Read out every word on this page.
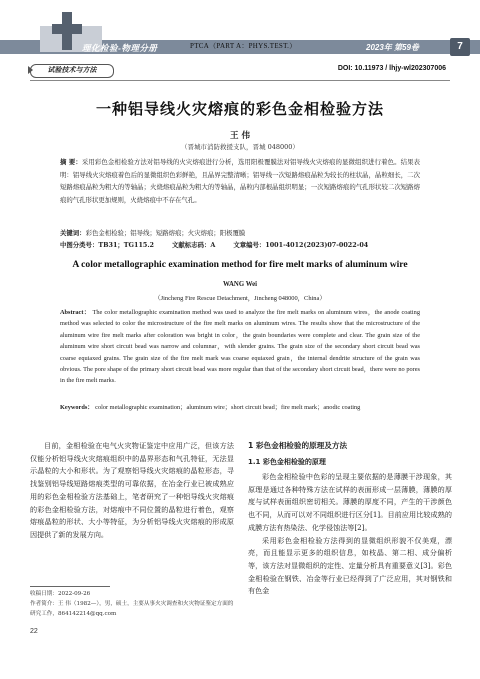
理化检验-物理分册	PTCA（PART A：PHYS.TEST.）	2023年 第59卷	7
试验技术与方法	DOI: 10.11973 / lhjy-wl202307006
一种铝导线火灾熔痕的彩色金相检验方法
王 伟
（晋城市消防救援支队，晋城 048000）
摘 要：采用彩色金相检验方法对铝导线的火灾熔痕进行分析，选用阳极覆膜法对铝导线火灾熔痕的显微组织进行着色。结果表明：铝导线火灾熔痕着色后的显微组织色彩鲜艳，且晶界完整清晰；铝导线一次短路熔痕晶粒为较长的柱状晶，晶粒细长，二次短路熔痕晶粒为粗大的等轴晶；火烧熔痕晶粒为粗大的等轴晶，晶粒内部根晶组织明显；一次短路熔痕的气孔形状较二次短路熔痕的气孔形状更加规则，火烧熔痕中不存在气孔。
关键词：彩色金相检验；铝导线；短路熔痕；火灾熔痕；阳极覆膜
中图分类号：TB31；TG115.2	文献标志码：A	文章编号：1001-4012(2023)07-0022-04
A color metallographic examination method for fire melt marks of aluminum wire
WANG Wei
（Jincheng Fire Rescue Detachment，Jincheng 048000，China）
Abstract： The color metallographic examination method was used to analyze the fire melt marks on aluminum wires，the anode coating method was selected to color the microstructure of the fire melt marks on aluminum wires. The results show that the microstructure of the aluminum wire fire melt marks after coloration was bright in color，the grain boundaries were complete and clear. The grain size of the aluminum wire short circuit bead was narrow and columnar，with slender grains. The grain size of the secondary short circuit bead was coarse equiaxed grains. The grain size of the fire melt mark was coarse equiaxed grain，the internal dendrite structure of the grain was obvious. The pore shape of the primary short circuit bead was more regular than that of the secondary short circuit bead，there were no pores in the fire melt marks.
Keywords： color metallographic examination；aluminum wire；short circuit bead；fire melt mark；anodic coating
目前，金相检验在电气火灾物证鉴定中应用广泛，但该方法仅能分析铝导线火灾熔痕组织中的晶界形态和气孔特征，无法显示晶粒的大小和形状。为了观察铝导线火灾熔痕的晶粒形态，寻找鉴别铝导线短路熔痕类型的可靠依据，在冶金行业已被成熟应用的彩色金相检验方法基础上，笔者研究了一种铝导线火灾熔痕的彩色金相检验方法，对熔痕中不同位置的晶粒进行着色，观察熔痕晶粒的形状、大小等特征，为分析铝导线火灾熔痕的形成原因提供了新的发展方向。
1 彩色金相检验的原理及方法
1.1 彩色金相检验的原理

彩色金相检验中色彩的呈现主要依据的是薄膜干涉现象，其原理是通过各种特殊方法在试样的表面形成一层薄膜，薄膜的厚度与试样表面组织密切相关。薄膜的厚度不同，产生的干涉颜色也不同，从而可以对不同组织进行区分[1]。目前应用比较成熟的成膜方法有热染法、化学侵蚀法等[2]。

采用彩色金相检验方法得到的显微组织形貌不仅美观，漂亮，而且能显示更多的组织信息，如枝晶、第二相、成分偏析等，该方法对显微组织的定性、定量分析具有重要意义[3]。彩色金相检验在钢铁、冶金等行业已经得到了广泛应用，其对钢铁和有色金

收稿日期：2022-09-26
作者简介：王 伟（1982—），男，硕士，主要从事火灾调查和火灾物证鉴定方面的研究工作，864142214@qq.com
22
